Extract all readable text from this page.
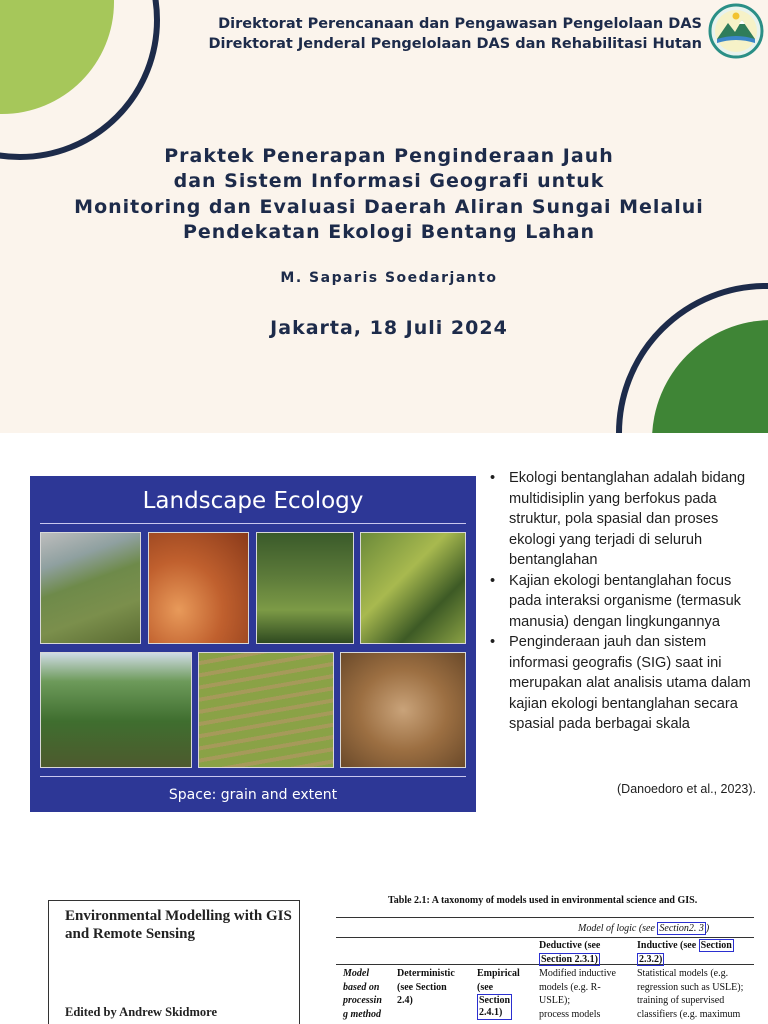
Direktorat Perencanaan dan Pengawasan Pengelolaan DAS
Direktorat Jenderal Pengelolaan DAS dan Rehabilitasi Hutan
Praktek Penerapan Penginderaan Jauh
dan Sistem Informasi Geografi untuk
Monitoring dan Evaluasi Daerah Aliran Sungai Melalui
Pendekatan Ekologi Bentang Lahan
M. Saparis Soedarjanto
Jakarta, 18 Juli 2024
Landscape Ecology
Space: grain and extent
• Ekologi bentanglahan adalah bidang multidisiplin yang berfokus pada struktur, pola spasial dan proses ekologi yang terjadi di seluruh bentanglahan
• Kajian ekologi bentanglahan focus pada interaksi organisme (termasuk manusia) dengan lingkungannya
• Penginderaan jauh dan sistem informasi geografis (SIG) saat ini merupakan alat analisis utama dalam kajian ekologi bentanglahan secara spasial pada berbagai skala
(Danoedoro et al., 2023).
Environmental Modelling with GIS and Remote Sensing
Edited by Andrew Skidmore
Table 2.1: A taxonomy of models used in environmental science and GIS.
Model of logic (see Section2. 3 )
Deductive (see
Section 2.3.1)
Inductive (see Section
2.3.2)
Model
based on
processin
g method
Deterministic
(see Section
2.4)
Empirical
(see
Section
2.4.1)
Modified inductive
models (e.g. R-
USLE);
process models
Statistical models (e.g.
regression such as USLE);
training of supervised
classifiers (e.g. maximum
